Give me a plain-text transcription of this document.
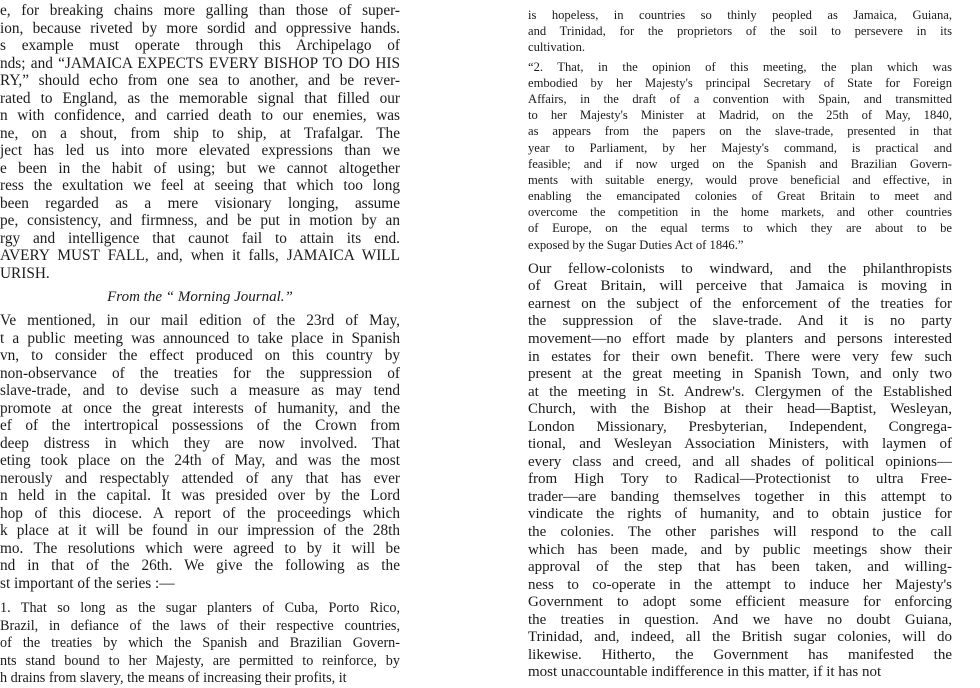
e, for breaking chains more galling than those of super-
ion, because riveted by more sordid and oppressive hands.
s example must operate through this Archipelago of
nds; and “JAMAICA EXPECTS EVERY BISHOP TO DO HIS
RY,” should echo from one sea to another, and be rever-
rated to England, as the memorable signal that filled our
n with confidence, and carried death to our enemies, was
ne, on a shout, from ship to ship, at Trafalgar. The
ject has led us into more elevated expressions than we
e been in the habit of using; but we cannot altogether
ress the exultation we feel at seeing that which too long
been regarded as a mere visionary longing, assume
pe, consistency, and firmness, and be put in motion by an
rgy and intelligence that caunot fail to attain its end.
AVERY MUST FALL, and, when it falls, JAMAICA WILL
URISH.
From the “ Morning Journal.”
Ve mentioned, in our mail edition of the 23rd of May,
t a public meeting was announced to take place in Spanish
vn, to consider the effect produced on this country by
non-observance of the treaties for the suppression of
slave-trade, and to devise such a measure as may tend
promote at once the great interests of humanity, and the
ef of the intertropical possessions of the Crown from
deep distress in which they are now involved. That
eting took place on the 24th of May, and was the most
nerously and respectably attended of any that has ever
n held in the capital. It was presided over by the Lord
hop of this diocese. A report of the proceedings which
k place at it will be found in our impression of the 28th
mo. The resolutions which were agreed to by it will be
nd in that of the 26th. We give the following as the
st important of the series :—
1. That so long as the sugar planters of Cuba, Porto Rico,
Brazil, in defiance of the laws of their respective countries,
of the treaties by which the Spanish and Brazilian Govern-
nts stand bound to her Majesty, are permitted to reinforce, by
h drains from slavery, the means of increasing their profits, it
is hopeless, in countries so thinly peopled as Jamaica, Guiana,
and Trinidad, for the proprietors of the soil to persevere in its
cultivation.
“2. That, in the opinion of this meeting, the plan which was
embodied by her Majesty's principal Secretary of State for Foreign
Affairs, in the draft of a convention with Spain, and transmitted
to her Majesty's Minister at Madrid, on the 25th of May, 1840,
as appears from the papers on the slave-trade, presented in that
year to Parliament, by her Majesty's command, is practical and
feasible; and if now urged on the Spanish and Brazilian Govern-
ments with suitable energy, would prove beneficial and effective, in
enabling the emancipated colonies of Great Britain to meet and
overcome the competition in the home markets, and other countries
of Europe, on the equal terms to which they are about to be
exposed by the Sugar Duties Act of 1846.”
Our fellow-colonists to windward, and the philanthropists
of Great Britain, will perceive that Jamaica is moving in
earnest on the subject of the enforcement of the treaties for
the suppression of the slave-trade. And it is no party
movement—no effort made by planters and persons interested
in estates for their own benefit. There were very few such
present at the great meeting in Spanish Town, and only two
at the meeting in St. Andrew's. Clergymen of the Established
Church, with the Bishop at their head—Baptist, Wesleyan,
London Missionary, Presbyterian, Independent, Congrega-
tional, and Wesleyan Association Ministers, with laymen of
every class and creed, and all shades of political opinions—
from High Tory to Radical—Protectionist to ultra Free-
trader—are banding themselves together in this attempt to
vindicate the rights of humanity, and to obtain justice for
the colonies. The other parishes will respond to the call
which has been made, and by public meetings show their
approval of the step that has been taken, and willing-
ness to co-operate in the attempt to induce her Majesty's
Government to adopt some efficient measure for enforcing
the treaties in question. And we have no doubt Guiana,
Trinidad, and, indeed, all the British sugar colonies, will do
likewise. Hitherto, the Government has manifested the
most unaccountable indifference in this matter, if it has not
